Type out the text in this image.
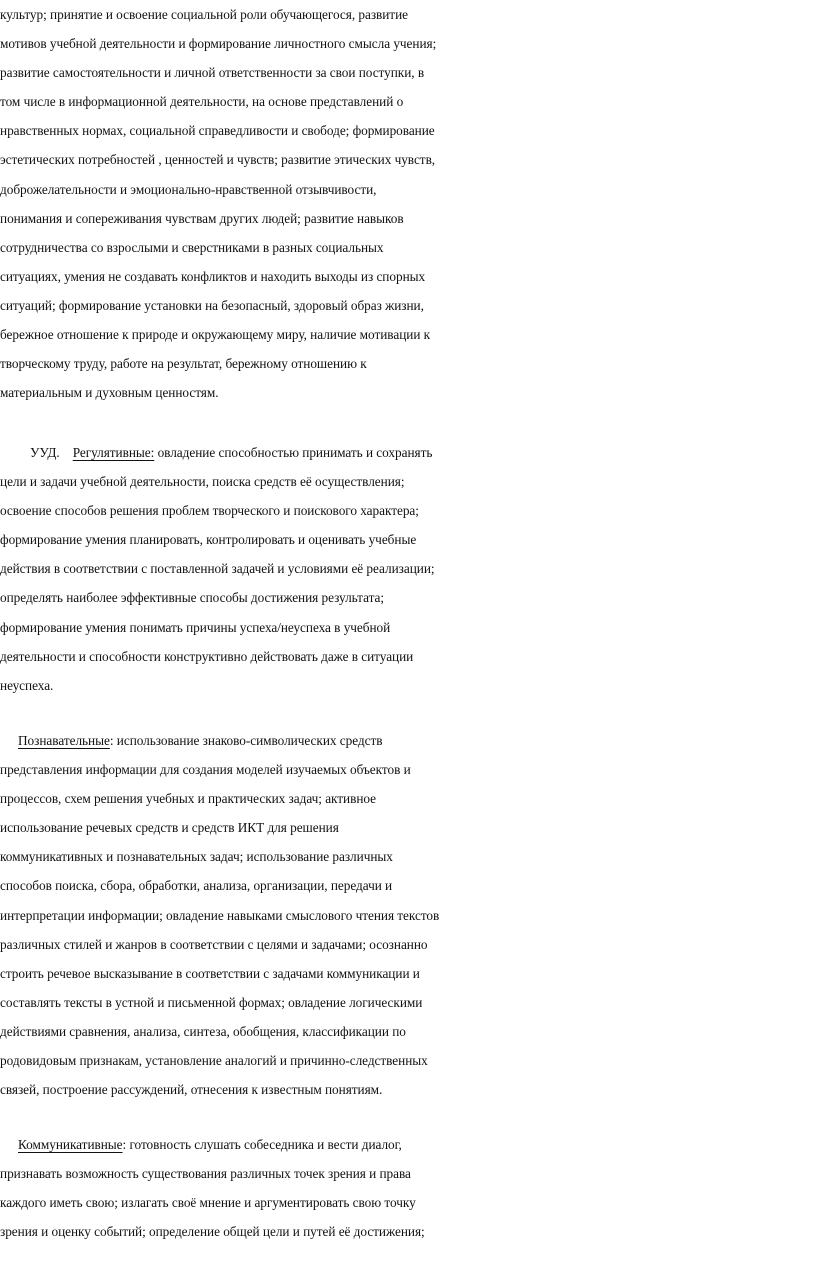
культур; принятие и освоение социальной роли обучающегося, развитие
мотивов учебной деятельности и формирование личностного смысла учения;
развитие самостоятельности и личной ответственности за свои поступки, в
том числе в информационной деятельности, на основе представлений о
нравственных нормах, социальной справедливости и свободе; формирование
эстетических потребностей , ценностей и чувств; развитие этических чувств,
доброжелательности и эмоционально-нравственной отзывчивости,
понимания и сопереживания чувствам других людей; развитие навыков
сотрудничества со взрослыми и сверстниками в разных социальных
ситуациях, умения не создавать конфликтов и находить выходы из спорных
ситуаций; формирование установки на безопасный, здоровый образ жизни,
бережное отношение к природе и окружающему миру, наличие мотивации к
творческому труду, работе на результат, бережному отношению к
материальным и духовным ценностям.
УУД. Регулятивные: овладение способностью принимать и сохранять
цели и задачи учебной деятельности, поиска средств её осуществления;
освоение способов решения проблем творческого и поискового характера;
формирование умения планировать, контролировать и оценивать учебные
действия в соответствии с поставленной задачей и условиями её реализации;
определять наиболее эффективные способы достижения результата;
формирование умения понимать причины успеха/неуспеха в учебной
деятельности и способности конструктивно действовать даже в ситуации
неуспеха.
Познавательные: использование знаково-символических средств
представления информации для создания моделей изучаемых объектов и
процессов, схем решения учебных и практических задач; активное
использование речевых средств и средств ИКТ для решения
коммуникативных и познавательных задач; использование различных
способов поиска, сбора, обработки, анализа, организации, передачи и
интерпретации информации; овладение навыками смыслового чтения текстов
различных стилей и жанров в соответствии с целями и задачами; осознанно
строить речевое высказывание в соответствии с задачами коммуникации и
составлять тексты в устной и письменной формах; овладение логическими
действиями сравнения, анализа, синтеза, обобщения, классификации по
родовидовым признакам, установление аналогий и причинно-следственных
связей, построение рассуждений, отнесения к известным понятиям.
Коммуникативные: готовность слушать собеседника и вести диалог,
признавать возможность существования различных точек зрения и права
каждого иметь свою; излагать своё мнение и аргументировать свою точку
зрения и оценку событий; определение общей цели и путей её достижения;
